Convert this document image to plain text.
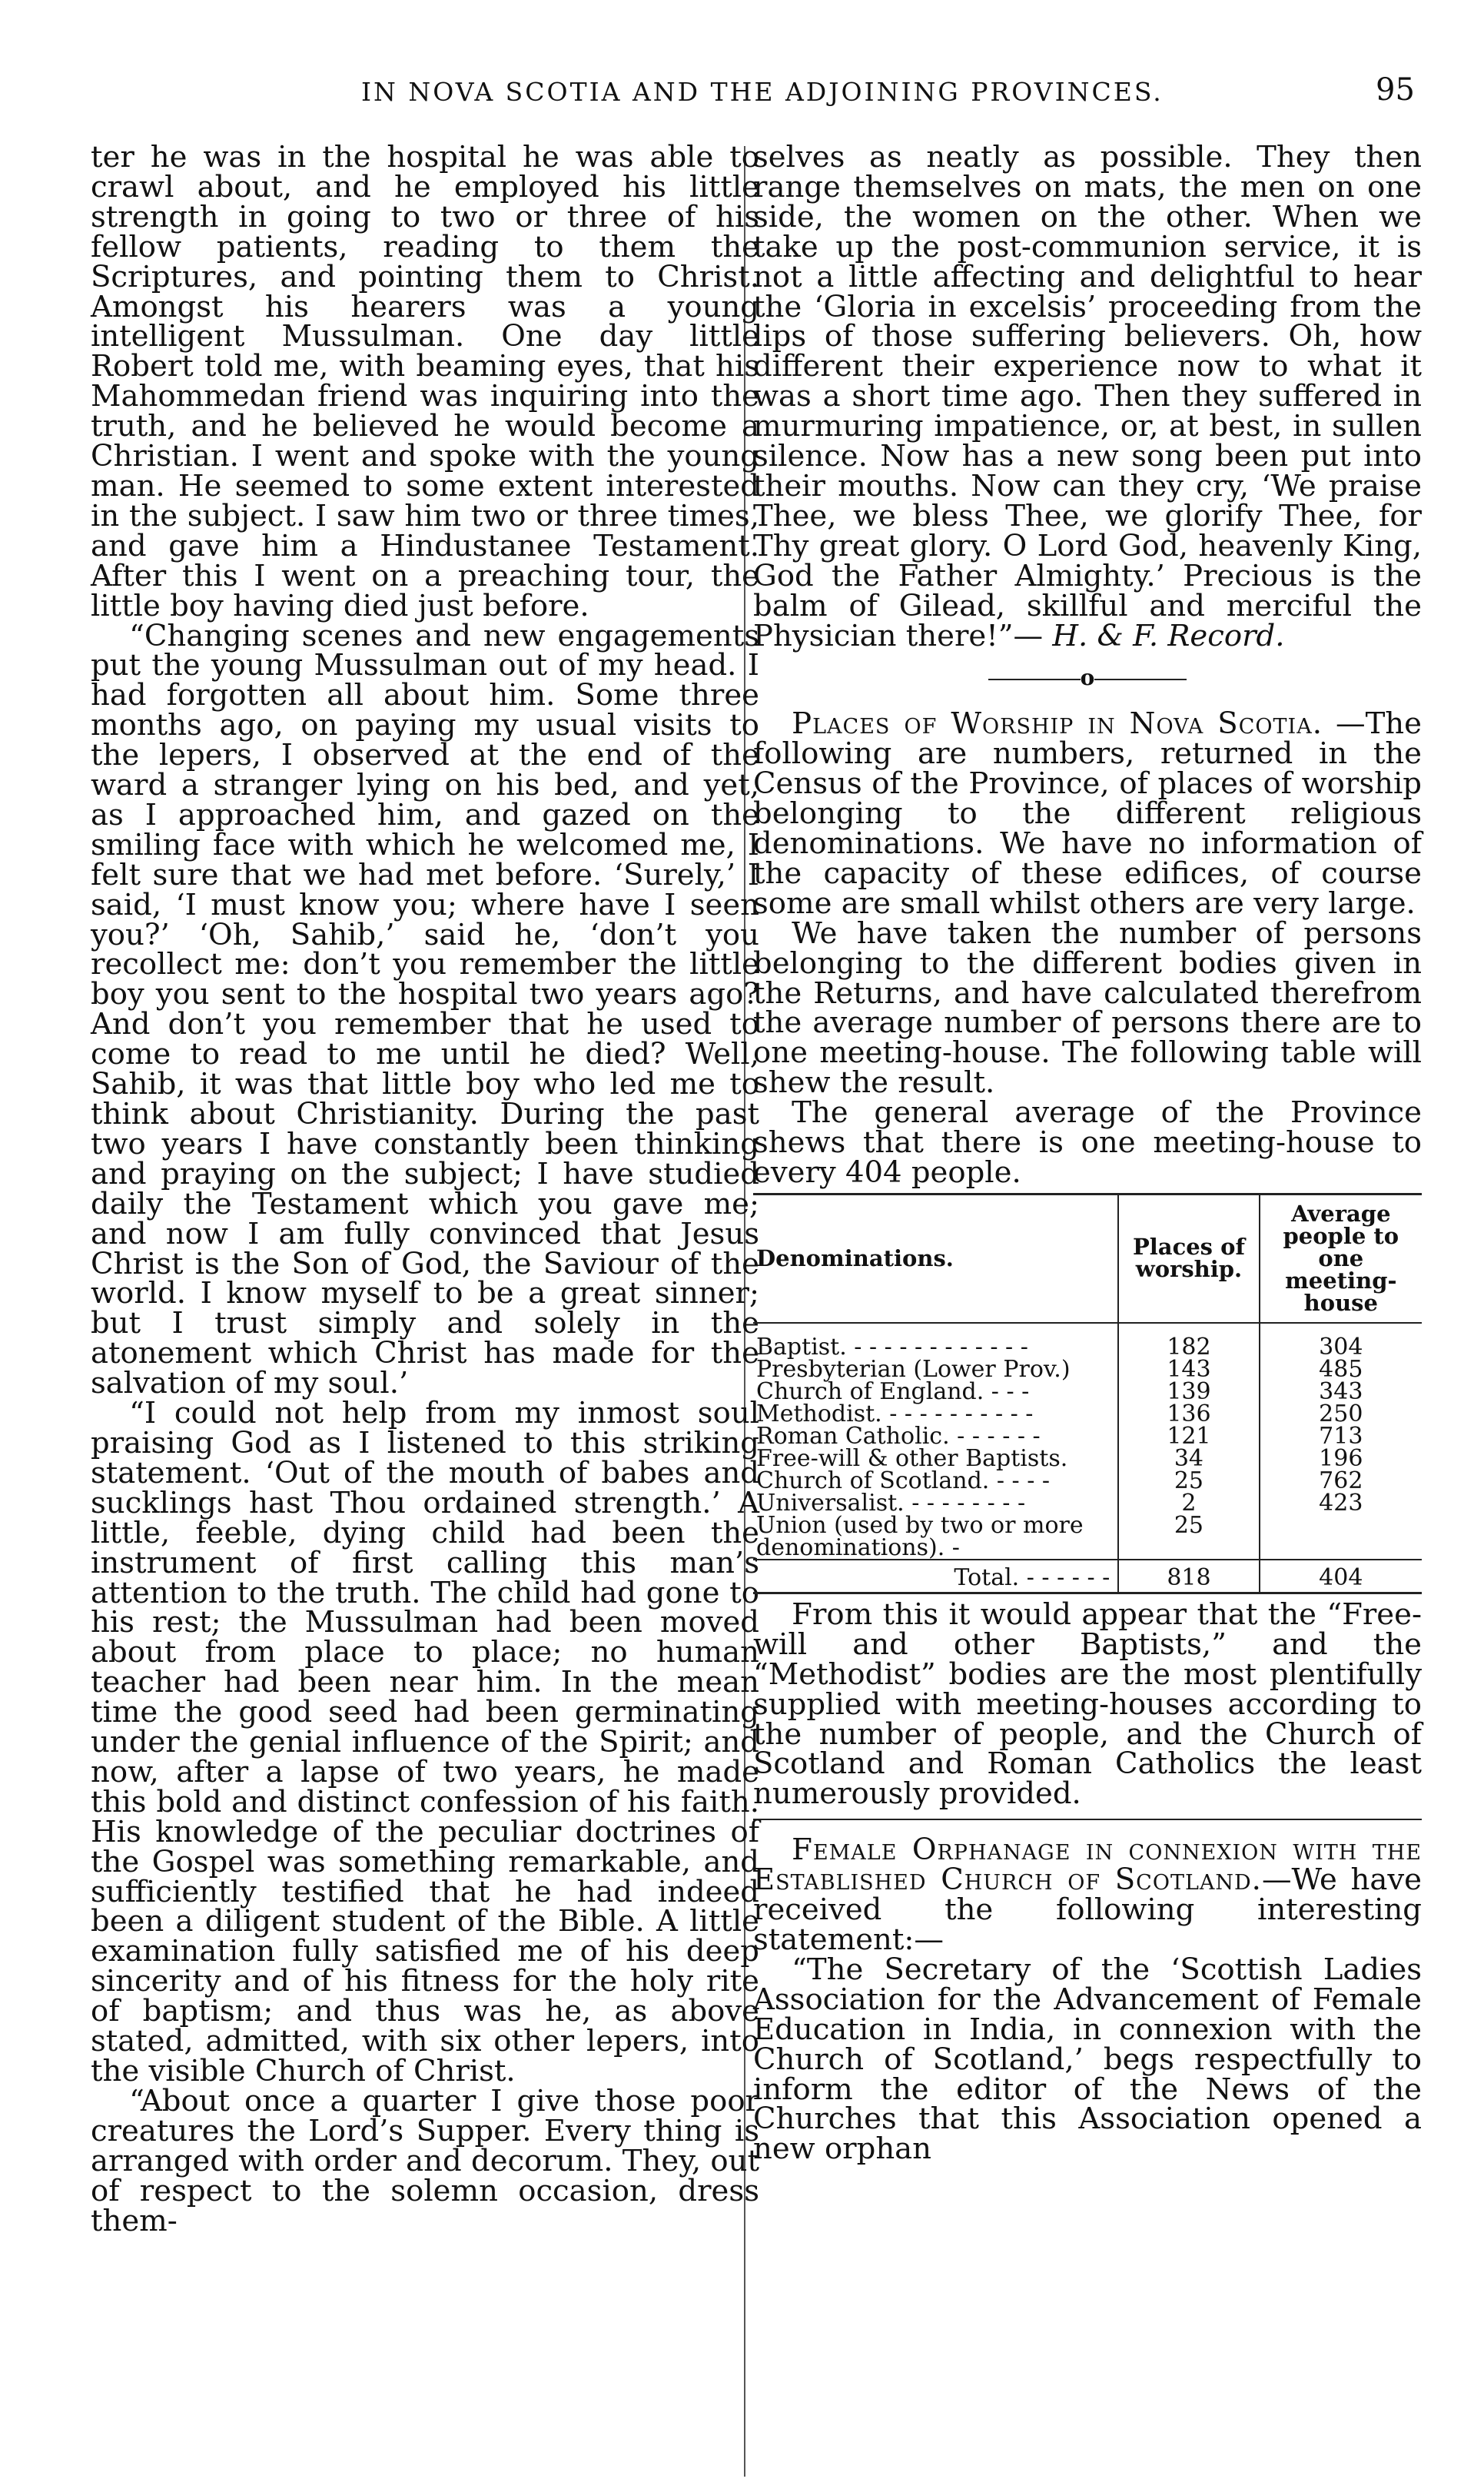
IN NOVA SCOTIA AND THE ADJOINING PROVINCES.	95

ter he was in the hospital he was able to crawl about, and he employed his little strength in going to two or three of his fellow patients, reading to them the Scriptures, and pointing them to Christ. Amongst his hearers was a young intelligent Mussulman. One day little Robert told me, with beaming eyes, that his Mahommedan friend was inquiring into the truth, and he believed he would become a Christian. I went and spoke with the young man. He seemed to some extent interested in the subject. I saw him two or three times, and gave him a Hindustanee Testament. After this I went on a preaching tour, the little boy having died just before.

“Changing scenes and new engagements put the young Mussulman out of my head. I had forgotten all about him. Some three months ago, on paying my usual visits to the lepers, I observed at the end of the ward a stranger lying on his bed, and yet, as I approached him, and gazed on the smiling face with which he welcomed me, I felt sure that we had met before. ‘Surely,’ I said, ‘I must know you; where have I seen you?’ ‘Oh, Sahib,’ said he, ‘don’t you recollect me: don’t you remember the little boy you sent to the hospital two years ago? And don’t you remember that he used to come to read to me until he died? Well, Sahib, it was that little boy who led me to think about Christianity. During the past two years I have constantly been thinking and praying on the subject; I have studied daily the Testament which you gave me; and now I am fully convinced that Jesus Christ is the Son of God, the Saviour of the world. I know myself to be a great sinner; but I trust simply and solely in the atonement which Christ has made for the salvation of my soul.’

“I could not help from my inmost soul praising God as I listened to this striking statement. ‘Out of the mouth of babes and sucklings hast Thou ordained strength.’ A little, feeble, dying child had been the instrument of first calling this man’s attention to the truth. The child had gone to his rest; the Mussulman had been moved about from place to place; no human teacher had been near him. In the mean time the good seed had been germinating under the genial influence of the Spirit; and now, after a lapse of two years, he made this bold and distinct confession of his faith. His knowledge of the peculiar doctrines of the Gospel was something remarkable, and sufficiently testified that he had indeed been a diligent student of the Bible. A little examination fully satisfied me of his deep sincerity and of his fitness for the holy rite of baptism; and thus was he, as above stated, admitted, with six other lepers, into the visible Church of Christ.

“About once a quarter I give those poor creatures the Lord’s Supper. Every thing is arranged with order and decorum. They, out of respect to the solemn occasion, dress them-

selves as neatly as possible. They then range themselves on mats, the men on one side, the women on the other. When we take up the post-communion service, it is not a little affecting and delightful to hear the ‘Gloria in excelsis’ proceeding from the lips of those suffering believers. Oh, how different their experience now to what it was a short time ago. Then they suffered in murmuring impatience, or, at best, in sullen silence. Now has a new song been put into their mouths. Now can they cry, ‘We praise Thee, we bless Thee, we glorify Thee, for Thy great glory. O Lord God, heavenly King, God the Father Almighty.’ Precious is the balm of Gilead, skillful and merciful the Physician there!”— H. & F. Record.

o

Places of Worship in Nova Scotia. —The following are numbers, returned in the Census of the Province, of places of worship belonging to the different religious denominations. We have no information of the capacity of these edifices, of course some are small whilst others are very large.

We have taken the number of persons belonging to the different bodies given in the Returns, and have calculated therefrom the average number of persons there are to one meeting-house. The following table will shew the result.

The general average of the Province shews that there is one meeting-house to every 404 people.

Denominations.	Places of worship.	Average people to one meeting-house
Baptist. - - - - - - - - - - - -	182	304
Presbyterian (Lower Prov.)	143	485
Church of England. - - -	139	343
Methodist. - - - - - - - - - -	136	250
Roman Catholic. - - - - - -	121	713
Free-will & other Baptists.	34	196
Church of Scotland. - - - -	25	762
Universalist. - - - - - - - -	2	423
Union (used by two or more denominations). -	25	
Total. - - - - - -	818	404

From this it would appear that the “Free-will and other Baptists,” and the “Methodist” bodies are the most plentifully supplied with meeting-houses according to the number of people, and the Church of Scotland and Roman Catholics the least numerously provided.

Female Orphanage in connexion with the Established Church of Scotland.—We have received the following interesting statement:—

“The Secretary of the ‘Scottish Ladies Association for the Advancement of Female Education in India, in connexion with the Church of Scotland,’ begs respectfully to inform the editor of the News of the Churches that this Association opened a new orphan
